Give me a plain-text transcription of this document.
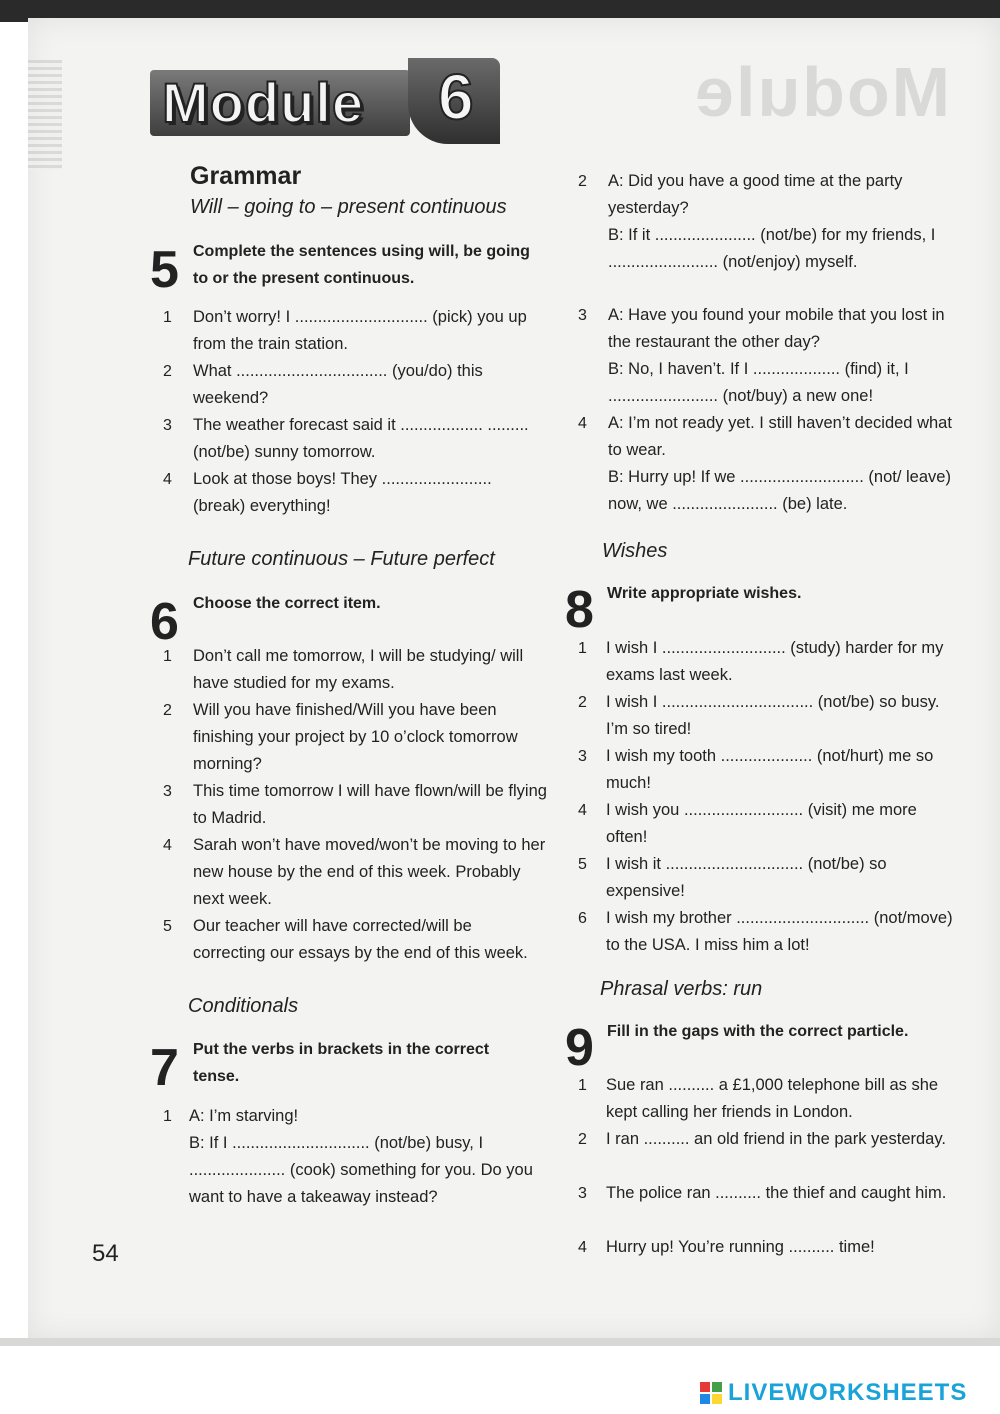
Module
Module 6
Grammar
Will – going to – present continuous
5 Complete the sentences using will, be going to or the present continuous.
1 Don’t worry! I ............................. (pick) you up from the train station.
2 What ................................. (you/do) this weekend?
3 The weather forecast said it .................. ......... (not/be) sunny tomorrow.
4 Look at those boys! They ........................ (break) everything!
Future continuous – Future perfect
6 Choose the correct item.
1 Don’t call me tomorrow, I will be studying/ will have studied for my exams.
2 Will you have finished/Will you have been finishing your project by 10 o’clock tomorrow morning?
3 This time tomorrow I will have flown/will be flying to Madrid.
4 Sarah won’t have moved/won’t be moving to her new house by the end of this week. Probably next week.
5 Our teacher will have corrected/will be correcting our essays by the end of this week.
Conditionals
7 Put the verbs in brackets in the correct tense.
1 A: I’m starving!
B: If I .............................. (not/be) busy, I ..................... (cook) something for you. Do you want to have a takeaway instead?
54
2 A: Did you have a good time at the party yesterday?
B: If it ...................... (not/be) for my friends, I ........................ (not/enjoy) myself.
3 A: Have you found your mobile that you lost in the restaurant the other day?
B: No, I haven’t. If I ................... (find) it, I ........................ (not/buy) a new one!
4 A: I’m not ready yet. I still haven’t decided what to wear.
B: Hurry up! If we ........................... (not/ leave) now, we ....................... (be) late.
Wishes
8 Write appropriate wishes.
1 I wish I ........................... (study) harder for my exams last week.
2 I wish I ................................. (not/be) so busy. I’m so tired!
3 I wish my tooth .................... (not/hurt) me so much!
4 I wish you .......................... (visit) me more often!
5 I wish it .............................. (not/be) so expensive!
6 I wish my brother ............................. (not/move) to the USA. I miss him a lot!
Phrasal verbs: run
9 Fill in the gaps with the correct particle.
1 Sue ran .......... a £1,000 telephone bill as she kept calling her friends in London.
2 I ran .......... an old friend in the park yesterday.
3 The police ran .......... the thief and caught him.
4 Hurry up! You’re running .......... time!
LIVEWORKSHEETS
